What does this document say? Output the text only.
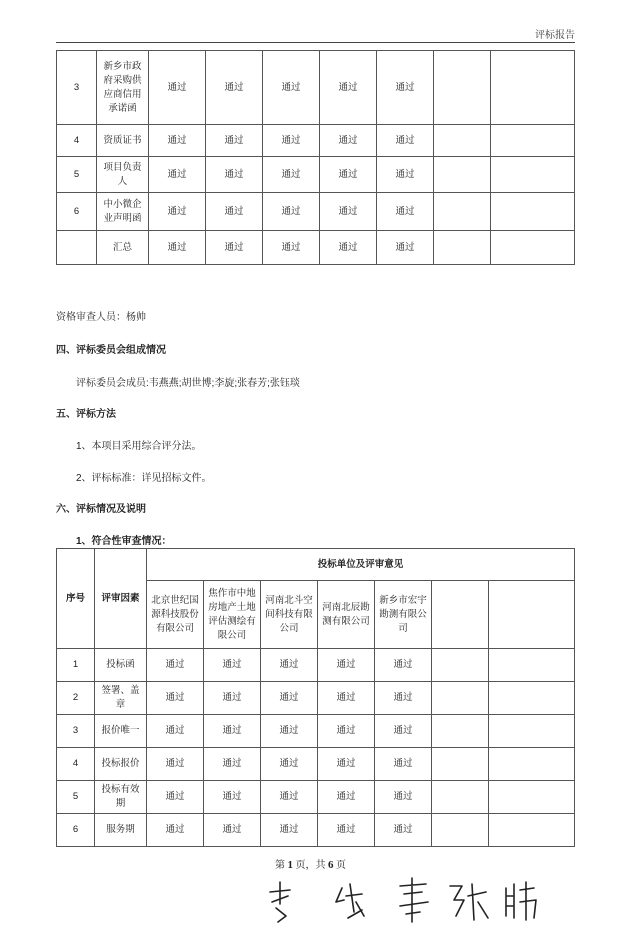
评标报告
3	新乡市政府采购供应商信用承诺函	通过	通过	通过	通过	通过		
4	资质证书	通过	通过	通过	通过	通过		
5	项目负责人	通过	通过	通过	通过	通过		
6	中小微企业声明函	通过	通过	通过	通过	通过		
	汇总	通过	通过	通过	通过	通过		
资格审查人员：杨帅
四、评标委员会组成情况
评标委员会成员:韦燕燕;胡世博;李旋;张春芳;张钰琰
五、评标方法
1、本项目采用综合评分法。
2、评标标准：详见招标文件。
六、评标情况及说明
1、符合性审查情况：
序号	评审因素	投标单位及评审意见						
		北京世纪国源科技股份有限公司	焦作市中地房地产土地评估测绘有限公司	河南北斗空间科技有限公司	河南北辰勘测有限公司	新乡市宏宇勘测有限公司		
1	投标函	通过	通过	通过	通过	通过		
2	签署、盖章	通过	通过	通过	通过	通过		
3	报价唯一	通过	通过	通过	通过	通过		
4	投标报价	通过	通过	通过	通过	通过		
5	投标有效期	通过	通过	通过	通过	通过		
6	服务期	通过	通过	通过	通过	通过		
第 1 页，共 6 页
